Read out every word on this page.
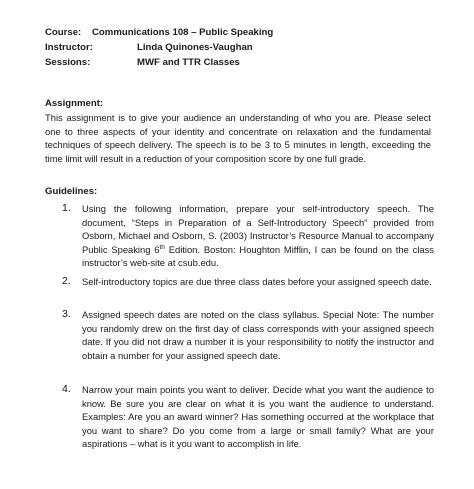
Course: Communications 108 – Public Speaking
Instructor:	Linda Quinones-Vaughan
Sessions:	MWF and TTR Classes
Assignment:
This assignment is to give your audience an understanding of who you are. Please select one to three aspects of your identity and concentrate on relaxation and the fundamental techniques of speech delivery. The speech is to be 3 to 5 minutes in length, exceeding the time limit will result in a reduction of your composition score by one full grade.
Guidelines:
1. Using the following information, prepare your self-introductory speech. The document, “Steps in Preparation of a Self-Introductory Speech” provided from Osborn, Michael and Osborn, S. (2003) Instructor’s Resource Manual to accompany Public Speaking 6th Edition. Boston: Houghton Mifflin, I can be found on the class instructor’s web-site at csub.edu.
2. Self-introductory topics are due three class dates before your assigned speech date.
3. Assigned speech dates are noted on the class syllabus. Special Note: The number you randomly drew on the first day of class corresponds with your assigned speech date. If you did not draw a number it is your responsibility to notify the instructor and obtain a number for your assigned speech date.
4. Narrow your main points you want to deliver. Decide what you want the audience to know. Be sure you are clear on what it is you want the audience to understand. Examples: Are you an award winner? Has something occurred at the workplace that you want to share? Do you come from a large or small family? What are your aspirations – what is it you want to accomplish in life.
